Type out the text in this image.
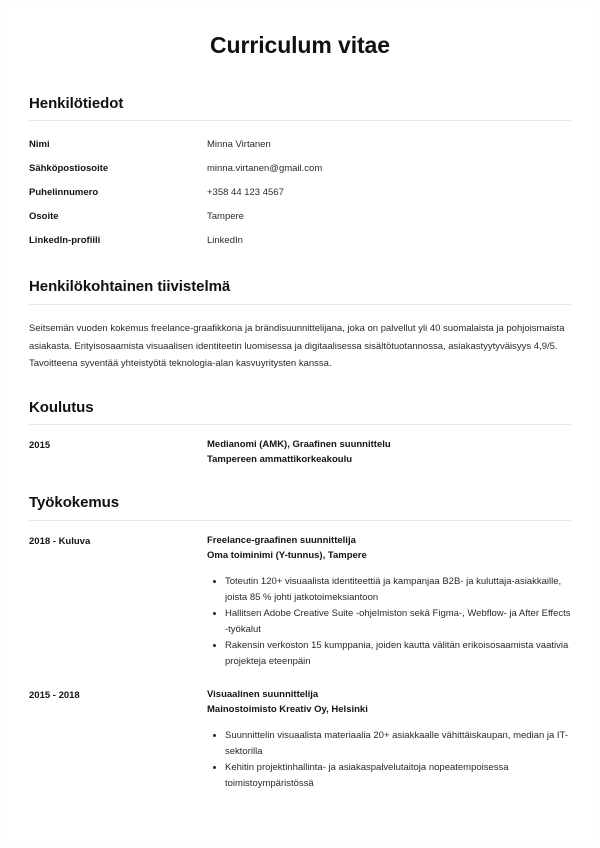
Curriculum vitae
Henkilötiedot
Nimi	Minna Virtanen
Sähköpostiosoite	minna.virtanen@gmail.com
Puhelinnumero	+358 44 123 4567
Osoite	Tampere
LinkedIn-profiili	LinkedIn
Henkilökohtainen tiivistelmä

Seitsemän vuoden kokemus freelance-graafikkona ja brändisuunnittelijana, joka on palvellut yli 40 suomalaista ja pohjoismaista asiakasta. Erityisosaamista visuaalisen identiteetin luomisessa ja digitaalisessa sisältötuotannossa, asiakastyytyväisyys 4,9/5. Tavoitteena syventää yhteistyötä teknologia-alan kasvuyritysten kanssa.

Koulutus
2015	Medianomi (AMK), Graafinen suunnittelu
Tampereen ammattikorkeakoulu
Työkokemus
2018 - Kuluva	Freelance-graafinen suunnittelija
Oma toiminimi (Y-tunnus), Tampere
Toteutin 120+ visuaalista identiteettiä ja kampanjaa B2B- ja kuluttaja-asiakkaille, joista 85 % johti jatkotoimeksiantoon
Hallitsen Adobe Creative Suite -ohjelmiston sekä Figma-, Webflow- ja After Effects -työkalut
Rakensin verkoston 15 kumppania, joiden kautta välitän erikoisosaamista vaativia projekteja eteenpäin
2015 - 2018	Visuaalinen suunnittelija
Mainostoimisto Kreativ Oy, Helsinki
Suunnittelin visuaalista materiaalia 20+ asiakkaalle vähittäiskaupan, median ja IT-sektorilla
Kehitin projektinhallinta- ja asiakaspalvelutaitoja nopeatempoisessa toimistoympäristössä
